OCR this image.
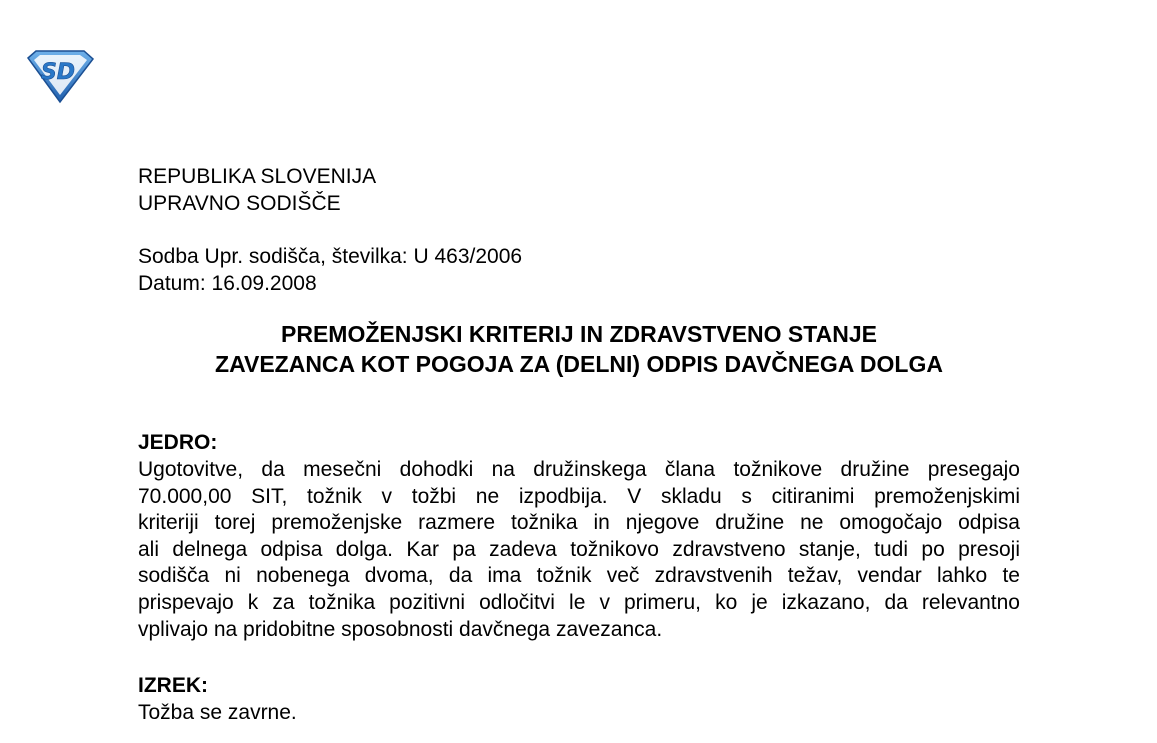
SD
REPUBLIKA SLOVENIJA
UPRAVNO SODIŠČE
Sodba Upr. sodišča, številka: U 463/2006
Datum: 16.09.2008
PREMOŽENJSKI KRITERIJ IN ZDRAVSTVENO STANJE
ZAVEZANCA KOT POGOJA ZA (DELNI) ODPIS DAVČNEGA DOLGA
JEDRO:
Ugotovitve, da mesečni dohodki na družinskega člana tožnikove družine presegajo
70.000,00 SIT, tožnik v tožbi ne izpodbija. V skladu s citiranimi premoženjskimi
kriteriji torej premoženjske razmere tožnika in njegove družine ne omogočajo odpisa
ali delnega odpisa dolga. Kar pa zadeva tožnikovo zdravstveno stanje, tudi po presoji
sodišča ni nobenega dvoma, da ima tožnik več zdravstvenih težav, vendar lahko te
prispevajo k za tožnika pozitivni odločitvi le v primeru, ko je izkazano, da relevantno
vplivajo na pridobitne sposobnosti davčnega zavezanca.
IZREK:
Tožba se zavrne.
